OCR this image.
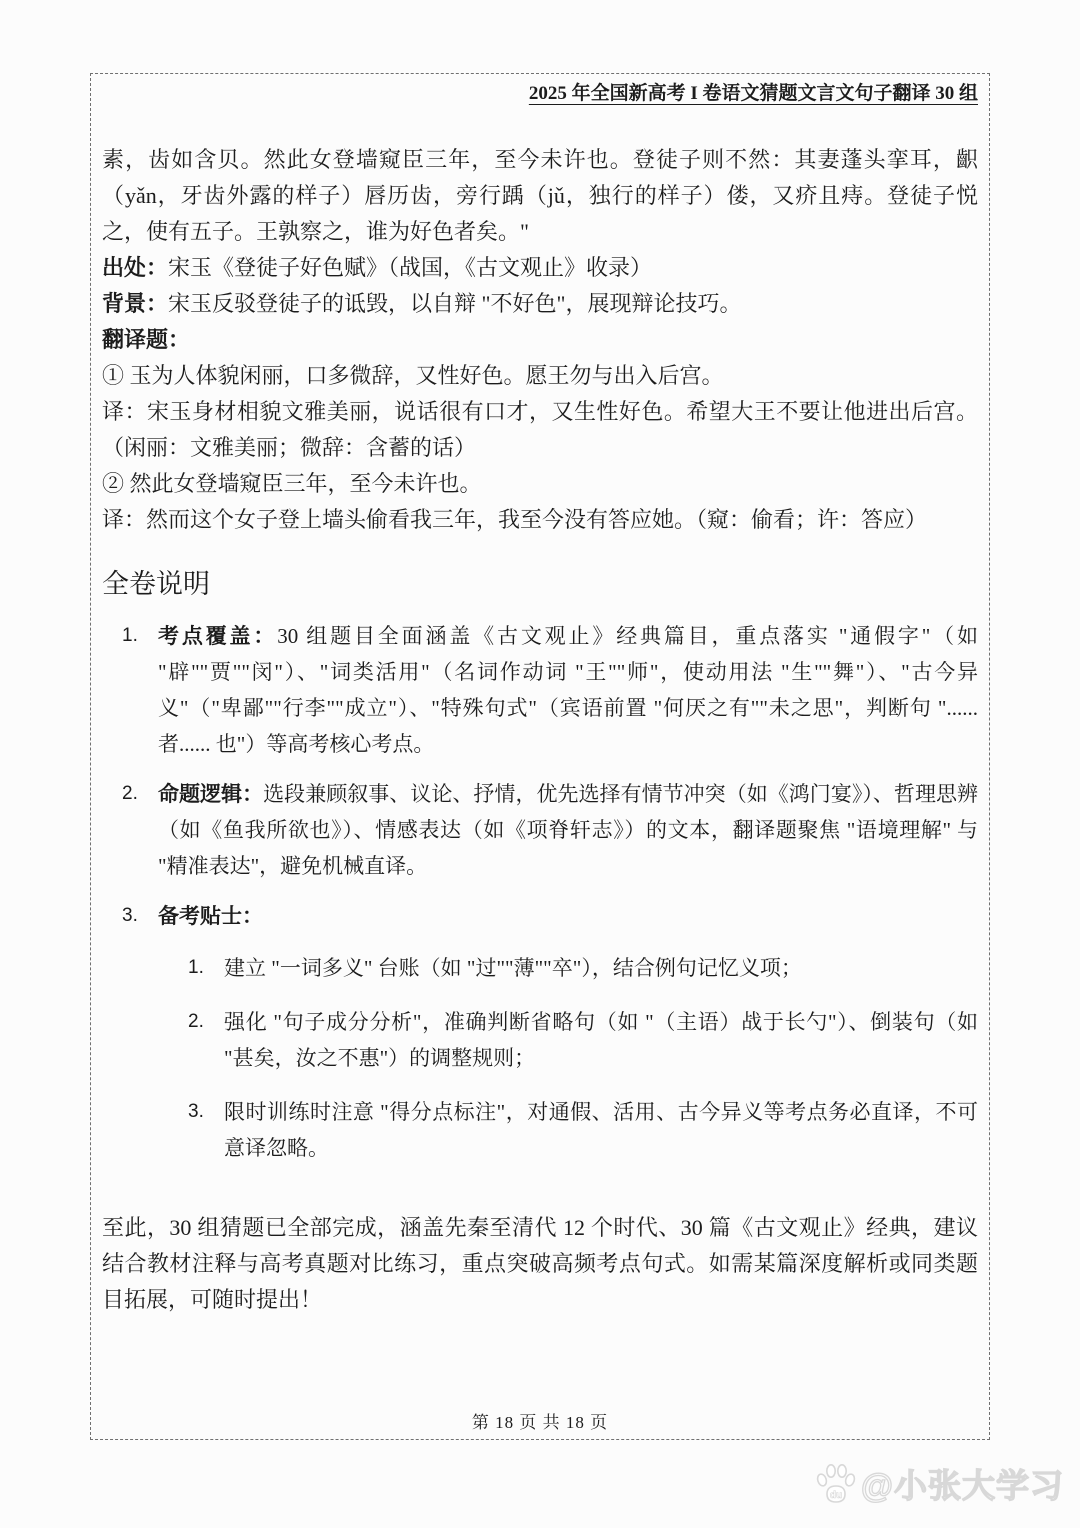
2025 年全国新高考 I 卷语文猜题文言文句子翻译 30 组

素，齿如含贝。然此女登墙窥臣三年，至今未许也。登徒子则不然：其妻蓬头挛耳，齞（yǎn，牙齿外露的样子）唇历齿，旁行踽（jǔ，独行的样子）偻，又疥且痔。登徒子悦之，使有五子。王孰察之，谁为好色者矣。"

出处：宋玉《登徒子好色赋》（战国，《古文观止》收录）

背景：宋玉反驳登徒子的诋毁，以自辩 "不好色"，展现辩论技巧。

翻译题：

① 玉为人体貌闲丽，口多微辞，又性好色。愿王勿与出入后宫。

译：宋玉身材相貌文雅美丽，说话很有口才，又生性好色。希望大王不要让他进出后宫。（闲丽：文雅美丽；微辞：含蓄的话）

② 然此女登墙窥臣三年，至今未许也。

译：然而这个女子登上墙头偷看我三年，我至今没有答应她。（窥：偷看；许：答应）

全卷说明
1. 考点覆盖：30 组题目全面涵盖《古文观止》经典篇目，重点落实 "通假字"（如 "辟""贾""闵"）、"词类活用"（名词作动词 "王""师"，使动用法 "生""舞"）、"古今异义"（"卑鄙""行李""成立"）、"特殊句式"（宾语前置 "何厌之有""未之思"，判断句 "...... 者...... 也"）等高考核心考点。
2. 命题逻辑：选段兼顾叙事、议论、抒情，优先选择有情节冲突（如《鸿门宴》）、哲理思辨（如《鱼我所欲也》）、情感表达（如《项脊轩志》）的文本，翻译题聚焦 "语境理解" 与 "精准表达"，避免机械直译。
3. 备考贴士：
1. 建立 "一词多义" 台账（如 "过""薄""卒"），结合例句记忆义项；
2. 强化 "句子成分分析"，准确判断省略句（如 "（主语）战于长勺"）、倒装句（如 "甚矣，汝之不惠"）的调整规则；
3. 限时训练时注意 "得分点标注"，对通假、活用、古今异义等考点务必直译，不可意译忽略。

至此，30 组猜题已全部完成，涵盖先秦至清代 12 个时代、30 篇《古文观止》经典，建议结合教材注释与高考真题对比练习，重点突破高频考点句式。如需某篇深度解析或同类题目拓展，可随时提出！

第 18 页 共 18 页
du @小张大学习
